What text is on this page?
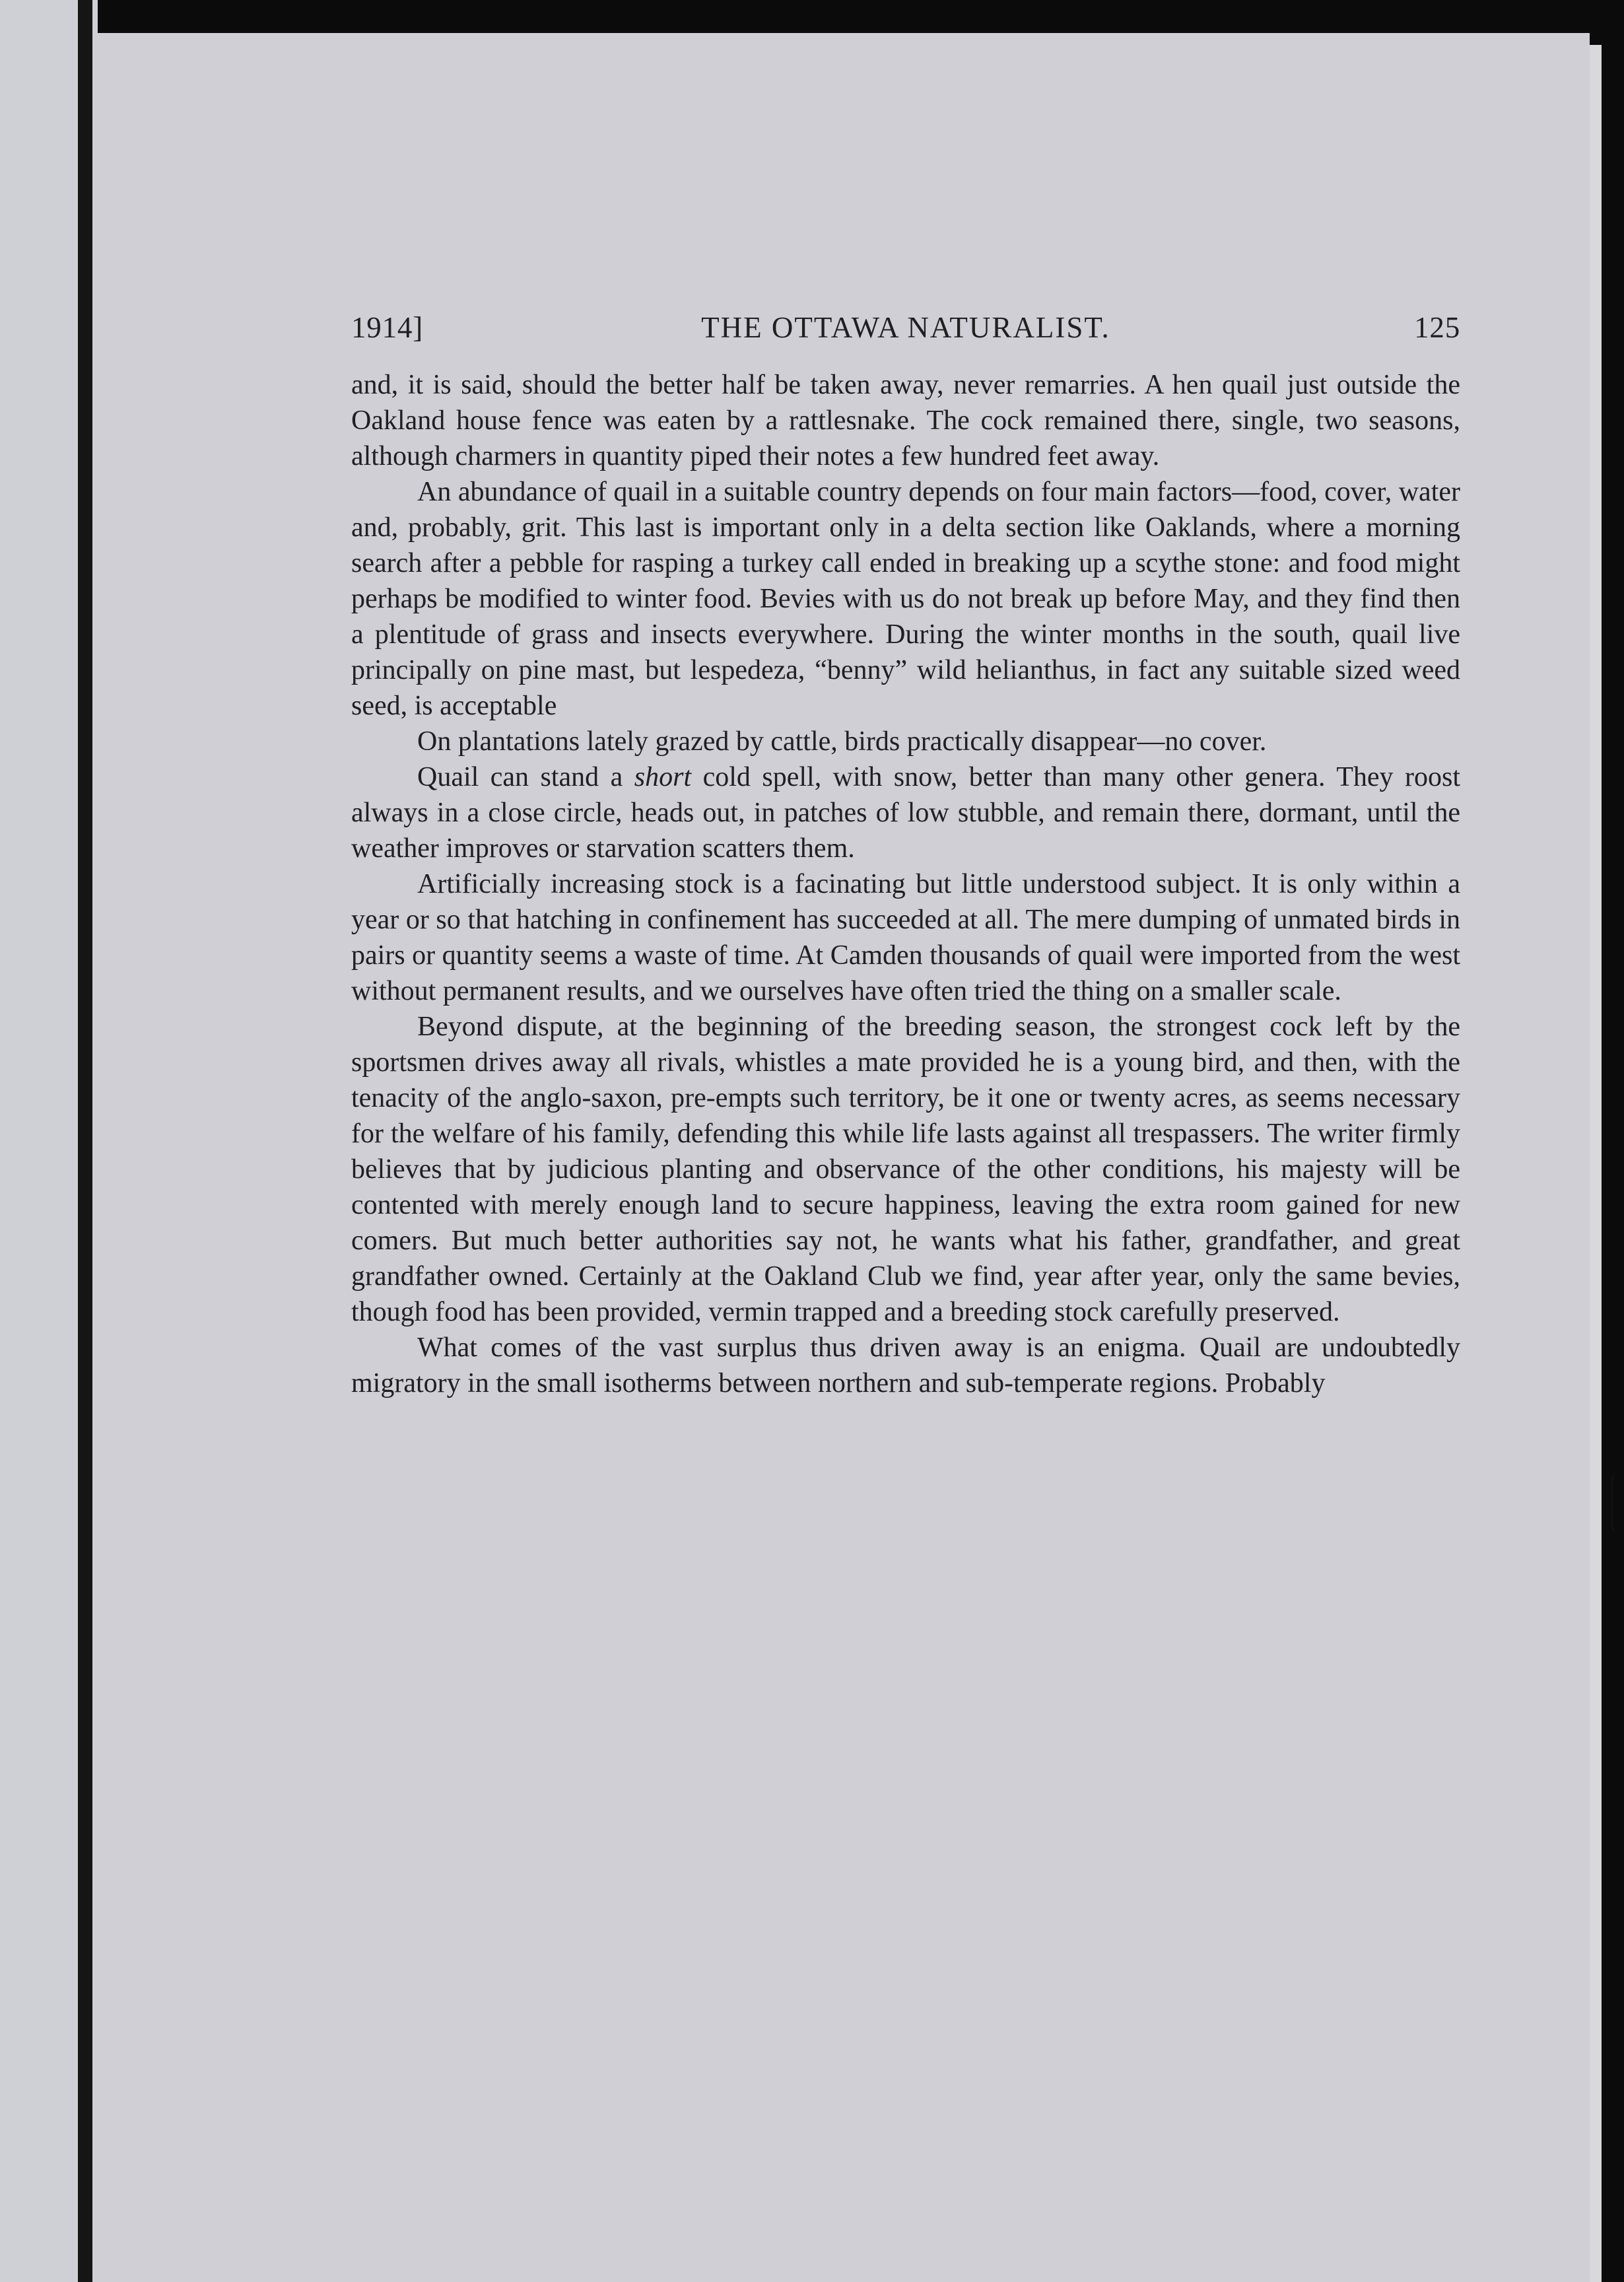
1914]	THE OTTAWA NATURALIST.	125

and, it is said, should the better half be taken away, never remarries. A hen quail just outside the Oakland house fence was eaten by a rattlesnake. The cock remained there, single, two seasons, although charmers in quantity piped their notes a few hundred feet away.

An abundance of quail in a suitable country depends on four main factors—food, cover, water and, probably, grit. This last is important only in a delta section like Oaklands, where a morning search after a pebble for rasping a turkey call ended in breaking up a scythe stone: and food might perhaps be modified to winter food. Bevies with us do not break up before May, and they find then a plentitude of grass and insects everywhere. During the winter months in the south, quail live principally on pine mast, but lespedeza, “benny” wild helianthus, in fact any suitable sized weed seed, is acceptable

On plantations lately grazed by cattle, birds practically disappear—no cover.

Quail can stand a short cold spell, with snow, better than many other genera. They roost always in a close circle, heads out, in patches of low stubble, and remain there, dormant, until the weather improves or starvation scatters them.

Artificially increasing stock is a facinating but little understood subject. It is only within a year or so that hatching in confinement has succeeded at all. The mere dumping of unmated birds in pairs or quantity seems a waste of time. At Camden thousands of quail were imported from the west without permanent results, and we ourselves have often tried the thing on a smaller scale.

Beyond dispute, at the beginning of the breeding season, the strongest cock left by the sportsmen drives away all rivals, whistles a mate provided he is a young bird, and then, with the tenacity of the anglo-saxon, pre-empts such territory, be it one or twenty acres, as seems necessary for the welfare of his family, defending this while life lasts against all trespassers. The writer firmly believes that by judicious planting and observance of the other conditions, his majesty will be contented with merely enough land to secure happiness, leaving the extra room gained for new comers. But much better authorities say not, he wants what his father, grandfather, and great grandfather owned. Certainly at the Oakland Club we find, year after year, only the same bevies, though food has been provided, vermin trapped and a breeding stock carefully preserved.

What comes of the vast surplus thus driven away is an enigma. Quail are undoubtedly migratory in the small isotherms between northern and sub-temperate regions. Probably
